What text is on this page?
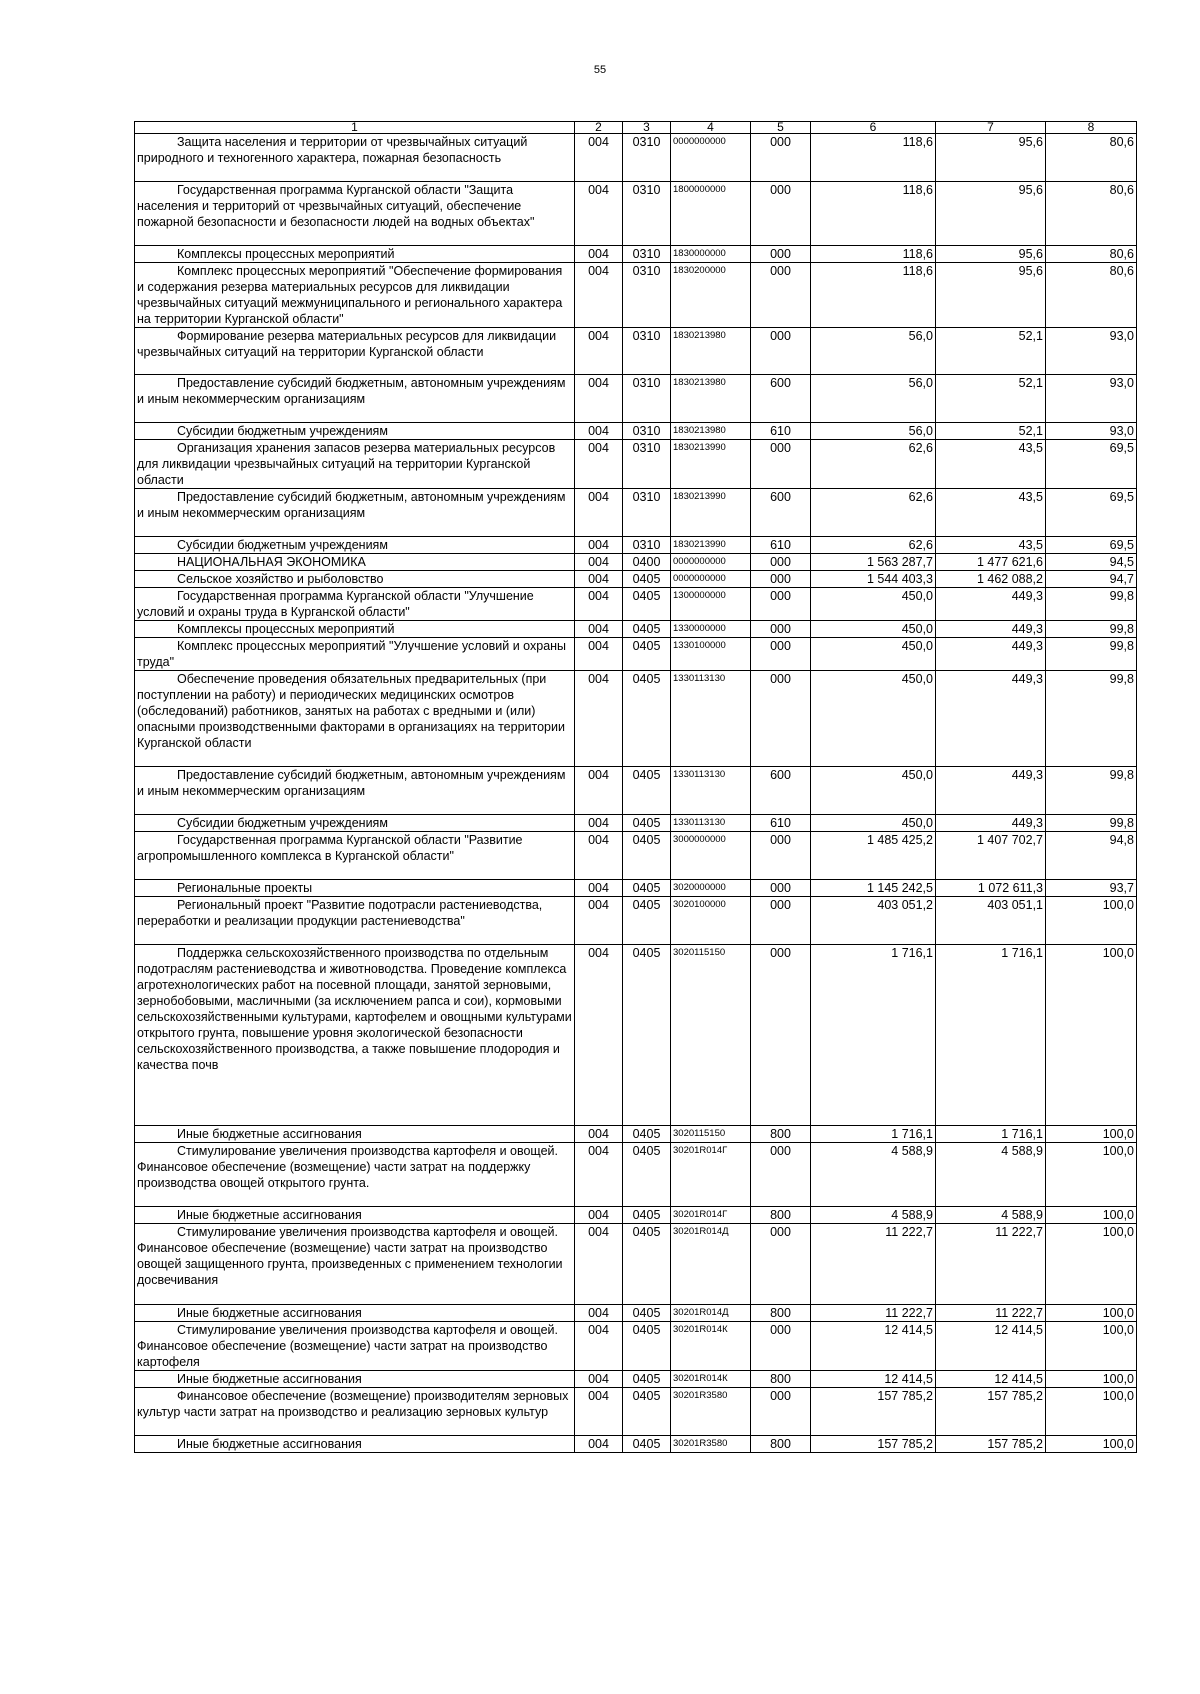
55
1	2	3	4	5	6	7	8
Защита населения и территории от чрезвычайных ситуаций природного и техногенного характера, пожарная безопасность	004	0310	0000000000	000	118,6	95,6	80,6
Государственная программа Курганской области "Защита населения и территорий от чрезвычайных ситуаций, обеспечение пожарной безопасности и безопасности людей на водных объектах"	004	0310	1800000000	000	118,6	95,6	80,6
Комплексы процессных мероприятий	004	0310	1830000000	000	118,6	95,6	80,6
Комплекс процессных мероприятий "Обеспечение формирования и содержания резерва материальных ресурсов для ликвидации чрезвычайных ситуаций межмуниципального и регионального характера на территории Курганской области"	004	0310	1830200000	000	118,6	95,6	80,6
Формирование резерва материальных ресурсов для ликвидации чрезвычайных ситуаций на территории Курганской области	004	0310	1830213980	000	56,0	52,1	93,0
Предоставление субсидий бюджетным, автономным учреждениям и иным некоммерческим организациям	004	0310	1830213980	600	56,0	52,1	93,0
Субсидии бюджетным учреждениям	004	0310	1830213980	610	56,0	52,1	93,0
Организация хранения запасов резерва материальных ресурсов для ликвидации чрезвычайных ситуаций на территории Курганской области	004	0310	1830213990	000	62,6	43,5	69,5
Предоставление субсидий бюджетным, автономным учреждениям и иным некоммерческим организациям	004	0310	1830213990	600	62,6	43,5	69,5
Субсидии бюджетным учреждениям	004	0310	1830213990	610	62,6	43,5	69,5
НАЦИОНАЛЬНАЯ ЭКОНОМИКА	004	0400	0000000000	000	1 563 287,7	1 477 621,6	94,5
Сельское хозяйство и рыболовство	004	0405	0000000000	000	1 544 403,3	1 462 088,2	94,7
Государственная программа Курганской области "Улучшение условий и охраны труда в Курганской области"	004	0405	1300000000	000	450,0	449,3	99,8
Комплексы процессных мероприятий	004	0405	1330000000	000	450,0	449,3	99,8
Комплекс процессных мероприятий "Улучшение условий и охраны труда"	004	0405	1330100000	000	450,0	449,3	99,8
Обеспечение проведения обязательных предварительных (при поступлении на работу) и периодических медицинских осмотров (обследований) работников, занятых на работах с вредными и (или) опасными производственными факторами в организациях на территории Курганской области	004	0405	1330113130	000	450,0	449,3	99,8
Предоставление субсидий бюджетным, автономным учреждениям и иным некоммерческим организациям	004	0405	1330113130	600	450,0	449,3	99,8
Субсидии бюджетным учреждениям	004	0405	1330113130	610	450,0	449,3	99,8
Государственная программа Курганской области "Развитие агропромышленного комплекса в Курганской области"	004	0405	3000000000	000	1 485 425,2	1 407 702,7	94,8
Региональные проекты	004	0405	3020000000	000	1 145 242,5	1 072 611,3	93,7
Региональный проект "Развитие подотрасли растениеводства, переработки и реализации продукции растениеводства"	004	0405	3020100000	000	403 051,2	403 051,1	100,0
Поддержка сельскохозяйственного производства по отдельным подотраслям растениеводства и животноводства. Проведение комплекса агротехнологических работ на посевной площади, занятой зерновыми, зернобобовыми, масличными (за исключением рапса и сои), кормовыми сельскохозяйственными культурами, картофелем и овощными культурами открытого грунта, повышение уровня экологической безопасности сельскохозяйственного производства, а также повышение плодородия и качества почв	004	0405	3020115150	000	1 716,1	1 716,1	100,0
Иные бюджетные ассигнования	004	0405	3020115150	800	1 716,1	1 716,1	100,0
Стимулирование увеличения производства картофеля и овощей. Финансовое обеспечение (возмещение) части затрат на поддержку производства овощей открытого грунта.	004	0405	30201R014Г	000	4 588,9	4 588,9	100,0
Иные бюджетные ассигнования	004	0405	30201R014Г	800	4 588,9	4 588,9	100,0
Стимулирование увеличения производства картофеля и овощей. Финансовое обеспечение (возмещение) части затрат на производство овощей защищенного грунта, произведенных с применением технологии досвечивания	004	0405	30201R014Д	000	11 222,7	11 222,7	100,0
Иные бюджетные ассигнования	004	0405	30201R014Д	800	11 222,7	11 222,7	100,0
Стимулирование увеличения производства картофеля и овощей. Финансовое обеспечение (возмещение) части затрат на производство картофеля	004	0405	30201R014К	000	12 414,5	12 414,5	100,0
Иные бюджетные ассигнования	004	0405	30201R014К	800	12 414,5	12 414,5	100,0
Финансовое обеспечение (возмещение) производителям зерновых культур части затрат на производство и реализацию зерновых культур	004	0405	30201R3580	000	157 785,2	157 785,2	100,0
Иные бюджетные ассигнования	004	0405	30201R3580	800	157 785,2	157 785,2	100,0
